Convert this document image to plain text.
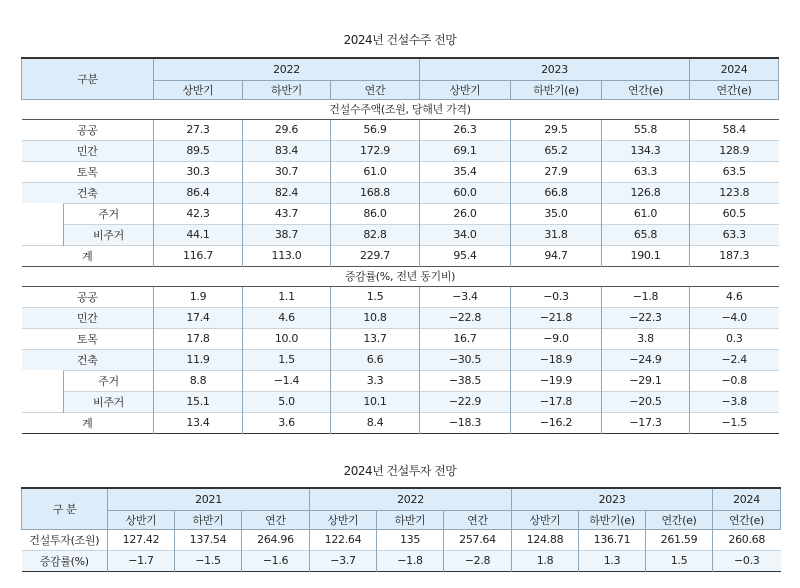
2024년 건설수주 전망
구분		2022			2023			2024
		상반기	하반기	연간	상반기	하반기(e)	연간(e)	연간(e)
건설수주액(조원, 당해년 가격)								
공공		27.3	29.6	56.9	26.3	29.5	55.8	58.4
민간		89.5	83.4	172.9	69.1	65.2	134.3	128.9
토목		30.3	30.7	61.0	35.4	27.9	63.3	63.5
건축		86.4	82.4	168.8	60.0	66.8	126.8	123.8
	주거	42.3	43.7	86.0	26.0	35.0	61.0	60.5
	비주거	44.1	38.7	82.8	34.0	31.8	65.8	63.3
계		116.7	113.0	229.7	95.4	94.7	190.1	187.3
증감률(%, 전년 동기비)								
공공		1.9	1.1	1.5	−3.4	−0.3	−1.8	4.6
민간		17.4	4.6	10.8	−22.8	−21.8	−22.3	−4.0
토목		17.8	10.0	13.7	16.7	−9.0	3.8	0.3
건축		11.9	1.5	6.6	−30.5	−18.9	−24.9	−2.4
	주거	8.8	−1.4	3.3	−38.5	−19.9	−29.1	−0.8
	비주거	15.1	5.0	10.1	−22.9	−17.8	−20.5	−3.8
계		13.4	3.6	8.4	−18.3	−16.2	−17.3	−1.5
2024년 건설투자 전망
구 분	2021			2022			2023			2024
	상반기	하반기	연간	상반기	하반기	연간	상반기	하반기(e)	연간(e)	연간(e)
건설투자(조원)	127.42	137.54	264.96	122.64	135	257.64	124.88	136.71	261.59	260.68
증감률(%)	−1.7	−1.5	−1.6	−3.7	−1.8	−2.8	1.8	1.3	1.5	−0.3
